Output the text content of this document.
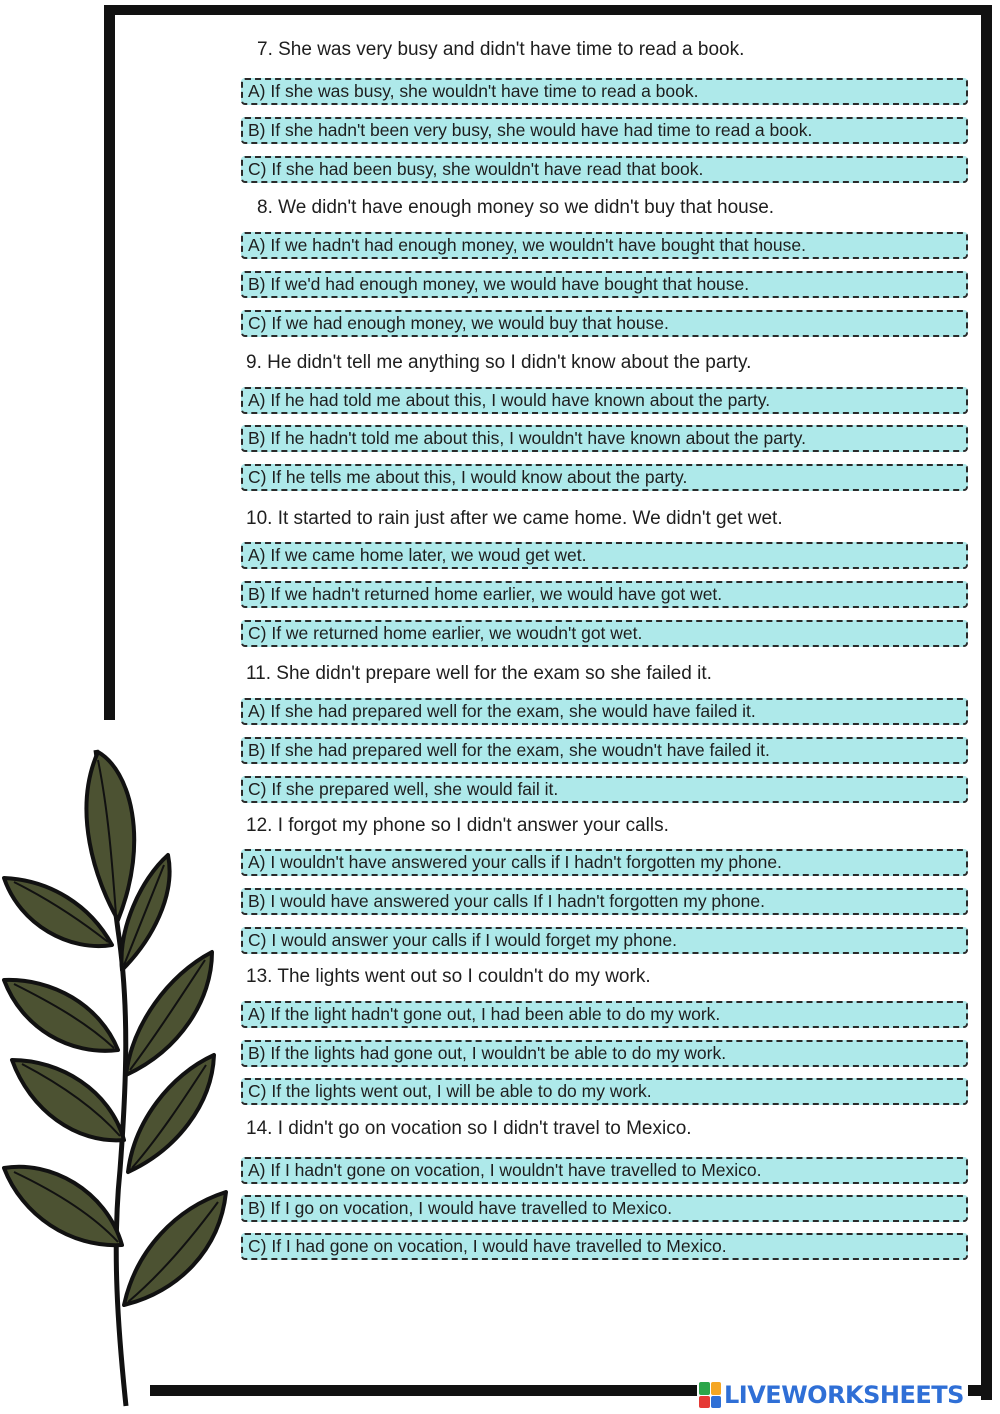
7. She was very busy and didn't have time to read a book.
A) If she was busy, she wouldn't have time to read a book.
B) If she hadn't been very busy, she would have had time to read a book.
C) If she had been busy, she wouldn't have read that book.
8. We didn't have enough money so we didn't buy that house.
A) If we hadn't had enough money, we wouldn't have bought that house.
B) If we'd had enough money, we would have bought that house.
C) If we had enough money, we would buy that house.
9. He didn't tell me anything so I didn't know about the party.
A) If he had told me about this, I would have known about the party.
B) If he hadn't told me about this, I wouldn't have known about the party.
C) If he tells me about this, I would know about the party.
10. It started to rain just after we came home. We didn't get wet.
A) If we came home later, we woud get wet.
B) If we hadn't returned home earlier, we would have got wet.
C) If we returned home earlier, we woudn't got wet.
11. She didn't prepare well for the exam so she failed it.
A) If she had prepared well for the exam, she would have failed it.
B) If she had prepared well for the exam, she woudn't have failed it.
C) If she prepared well, she would fail it.
12. I forgot my phone so I didn't answer your calls.
A) I wouldn't have answered your calls if I hadn't forgotten my phone.
B) I would have answered your calls If I hadn't forgotten my phone.
C) I would answer your calls if I would forget my phone.
13. The lights went out so I couldn't do my work.
A) If the light hadn't gone out, I had been able to do my work.
B) If the lights had gone out, I wouldn't be able to do my work.
C) If the lights went out, I will be able to do my work.
14. I didn't go on vocation so I didn't travel to Mexico.
A) If I hadn't gone on vocation, I wouldn't have travelled to Mexico.
B) If I go on vocation, I would have travelled to Mexico.
C) If I had gone on vocation, I would have travelled to Mexico.
LIVEWORKSHEETS
